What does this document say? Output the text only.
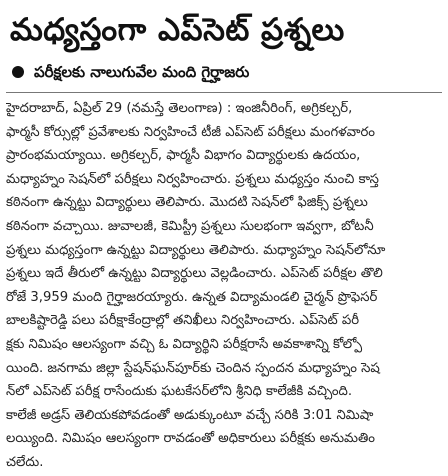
మధ్యస్తంగా ఎప్‌సెట్ ప్రశ్నలు
పరీక్షలకు నాలుగువేల మంది గైర్హాజరు
హైదరాబాద్, ఏప్రిల్ 29 (నమస్తే తెలంగాణ) : ఇంజినీరింగ్, అగ్రికల్చర్,
ఫార్మసీ కోర్సుల్లో ప్రవేశాలకు నిర్వహించే టీజీ ఎప్‌సెట్ పరీక్షలు మంగళవారం
ప్రారంభమయ్యాయి. అగ్రికల్చర్, ఫార్మసీ విభాగం విద్యార్థులకు ఉదయం,
మధ్యాహ్నం సెషన్‌లో పరీక్షలు నిర్వహించారు. ప్రశ్నలు మధ్యస్తం నుంచి కాస్త
కఠినంగా ఉన్నట్టు విద్యార్థులు తెలిపారు. మొదటి సెషన్‌లో ఫిజిక్స్ ప్రశ్నలు
కఠినంగా వచ్చాయి. జువాలజీ, కెమిస్ట్రీ ప్రశ్నలు సులభంగా ఇవ్వగా, బోటనీ
ప్రశ్నలు మధ్యస్తంగా ఉన్నట్టు విద్యార్థులు తెలిపారు. మధ్యాహ్నం సెషన్‌లోనూ
ప్రశ్నలు ఇదే తీరులో ఉన్నట్టు విద్యార్థులు వెల్లడించారు. ఎప్‌సెట్ పరీక్షల తొలి
రోజే 3,959 మంది గైర్హాజరయ్యారు. ఉన్నత విద్యామండలి చైర్మన్ ప్రొఫెసర్
బాలకిష్టారెడ్డి పలు పరీక్షాకేంద్రాల్లో తనిఖీలు నిర్వహించారు. ఎప్‌సెట్ పరీ
క్షకు నిమిషం ఆలస్యంగా వచ్చి ఓ విద్యార్థిని పరీక్షరాసే అవకాశాన్ని కోల్పో
యింది. జనగామ జిల్లా స్టేషన్‌ఘన్‌పూర్‌కు చెందిన స్పందన మధ్యాహ్నం సెష
న్‌లో ఎప్‌సెట్ పరీక్ష రాసేందుకు ఘటకేసర్‌లోని శ్రీనిధి కాలేజీకి వచ్చింది.
కాలేజీ అడ్రస్ తెలియకపోవడంతో అడుక్కుంటూ వచ్చే సరికి 3:01 నిమిషా
లయ్యింది. నిమిషం ఆలస్యంగా రావడంతో అధికారులు పరీక్షకు అనుమతిం
చలేదు.
